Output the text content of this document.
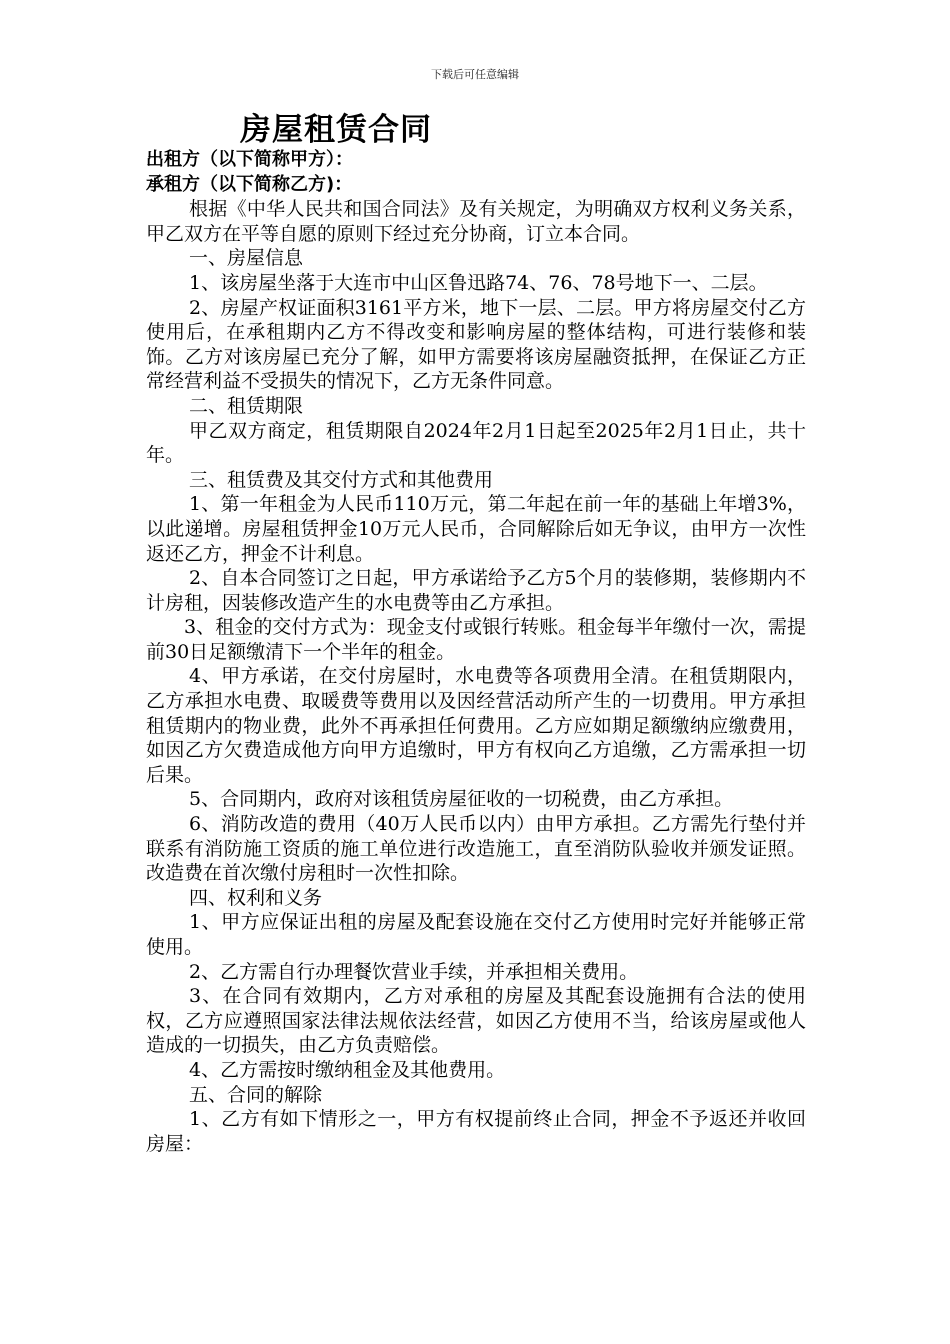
下载后可任意编辑
房屋租赁合同

出租方（以下简称甲方）：

承租方（以下简称乙方)：

根据《中华人民共和国合同法》及有关规定，为明确双方权利义务关系，甲乙双方在平等自愿的原则下经过充分协商，订立本合同。

一、房屋信息

1、该房屋坐落于大连市中山区鲁迅路74、76、78号地下一、二层。

2、房屋产权证面积3161平方米，地下一层、二层。甲方将房屋交付乙方使用后，在承租期内乙方不得改变和影响房屋的整体结构，可进行装修和装饰。乙方对该房屋已充分了解，如甲方需要将该房屋融资抵押，在保证乙方正常经营利益不受损失的情况下，乙方无条件同意。

二、租赁期限

甲乙双方商定，租赁期限自2024年2月1日起至2025年2月1日止，共十年。

三、租赁费及其交付方式和其他费用

1、第一年租金为人民币110万元，第二年起在前一年的基础上年增3%，以此递增。房屋租赁押金10万元人民币，合同解除后如无争议，由甲方一次性返还乙方，押金不计利息。

2、自本合同签订之日起，甲方承诺给予乙方5个月的装修期，装修期内不计房租，因装修改造产生的水电费等由乙方承担。

3、租金的交付方式为：现金支付或银行转账。租金每半年缴付一次，需提前30日足额缴清下一个半年的租金。

4、甲方承诺，在交付房屋时，水电费等各项费用全清。在租赁期限内，乙方承担水电费、取暖费等费用以及因经营活动所产生的一切费用。甲方承担租赁期内的物业费，此外不再承担任何费用。乙方应如期足额缴纳应缴费用，如因乙方欠费造成他方向甲方追缴时，甲方有权向乙方追缴，乙方需承担一切后果。

5、合同期内，政府对该租赁房屋征收的一切税费，由乙方承担。

6、消防改造的费用（40万人民币以内）由甲方承担。乙方需先行垫付并联系有消防施工资质的施工单位进行改造施工，直至消防队验收并颁发证照。改造费在首次缴付房租时一次性扣除。

四、权利和义务

1、甲方应保证出租的房屋及配套设施在交付乙方使用时完好并能够正常使用。

2、乙方需自行办理餐饮营业手续，并承担相关费用。

3、在合同有效期内，乙方对承租的房屋及其配套设施拥有合法的使用权，乙方应遵照国家法律法规依法经营，如因乙方使用不当，给该房屋或他人造成的一切损失，由乙方负责赔偿。

4、乙方需按时缴纳租金及其他费用。

五、合同的解除

1、乙方有如下情形之一，甲方有权提前终止合同，押金不予返还并收回房屋：
